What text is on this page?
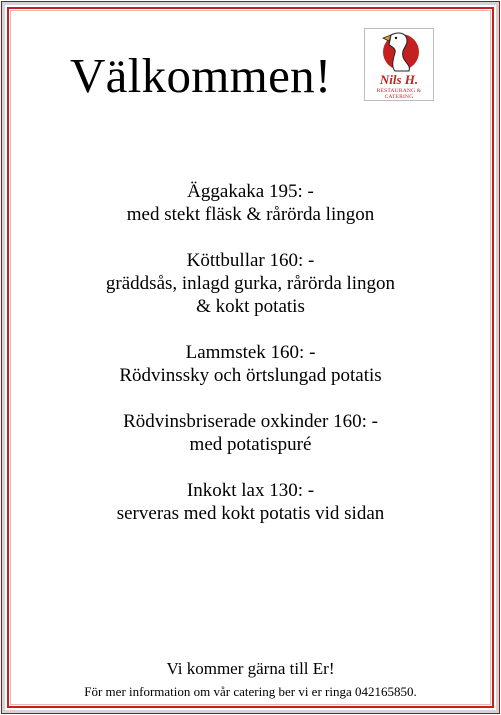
Välkommen!	Nils H.
RESTAURANG & CATERING
Äggakaka 195: -
med stekt fläsk & rårörda lingon
Köttbullar 160: -
gräddsås, inlagd gurka, rårörda lingon
& kokt potatis
Lammstek 160: -
Rödvinssky och örtslungad potatis
Rödvinsbriserade oxkinder 160: -
med potatispuré
Inkokt lax 130: -
serveras med kokt potatis vid sidan
Vi kommer gärna till Er!
För mer information om vår catering ber vi er ringa 042165850.
